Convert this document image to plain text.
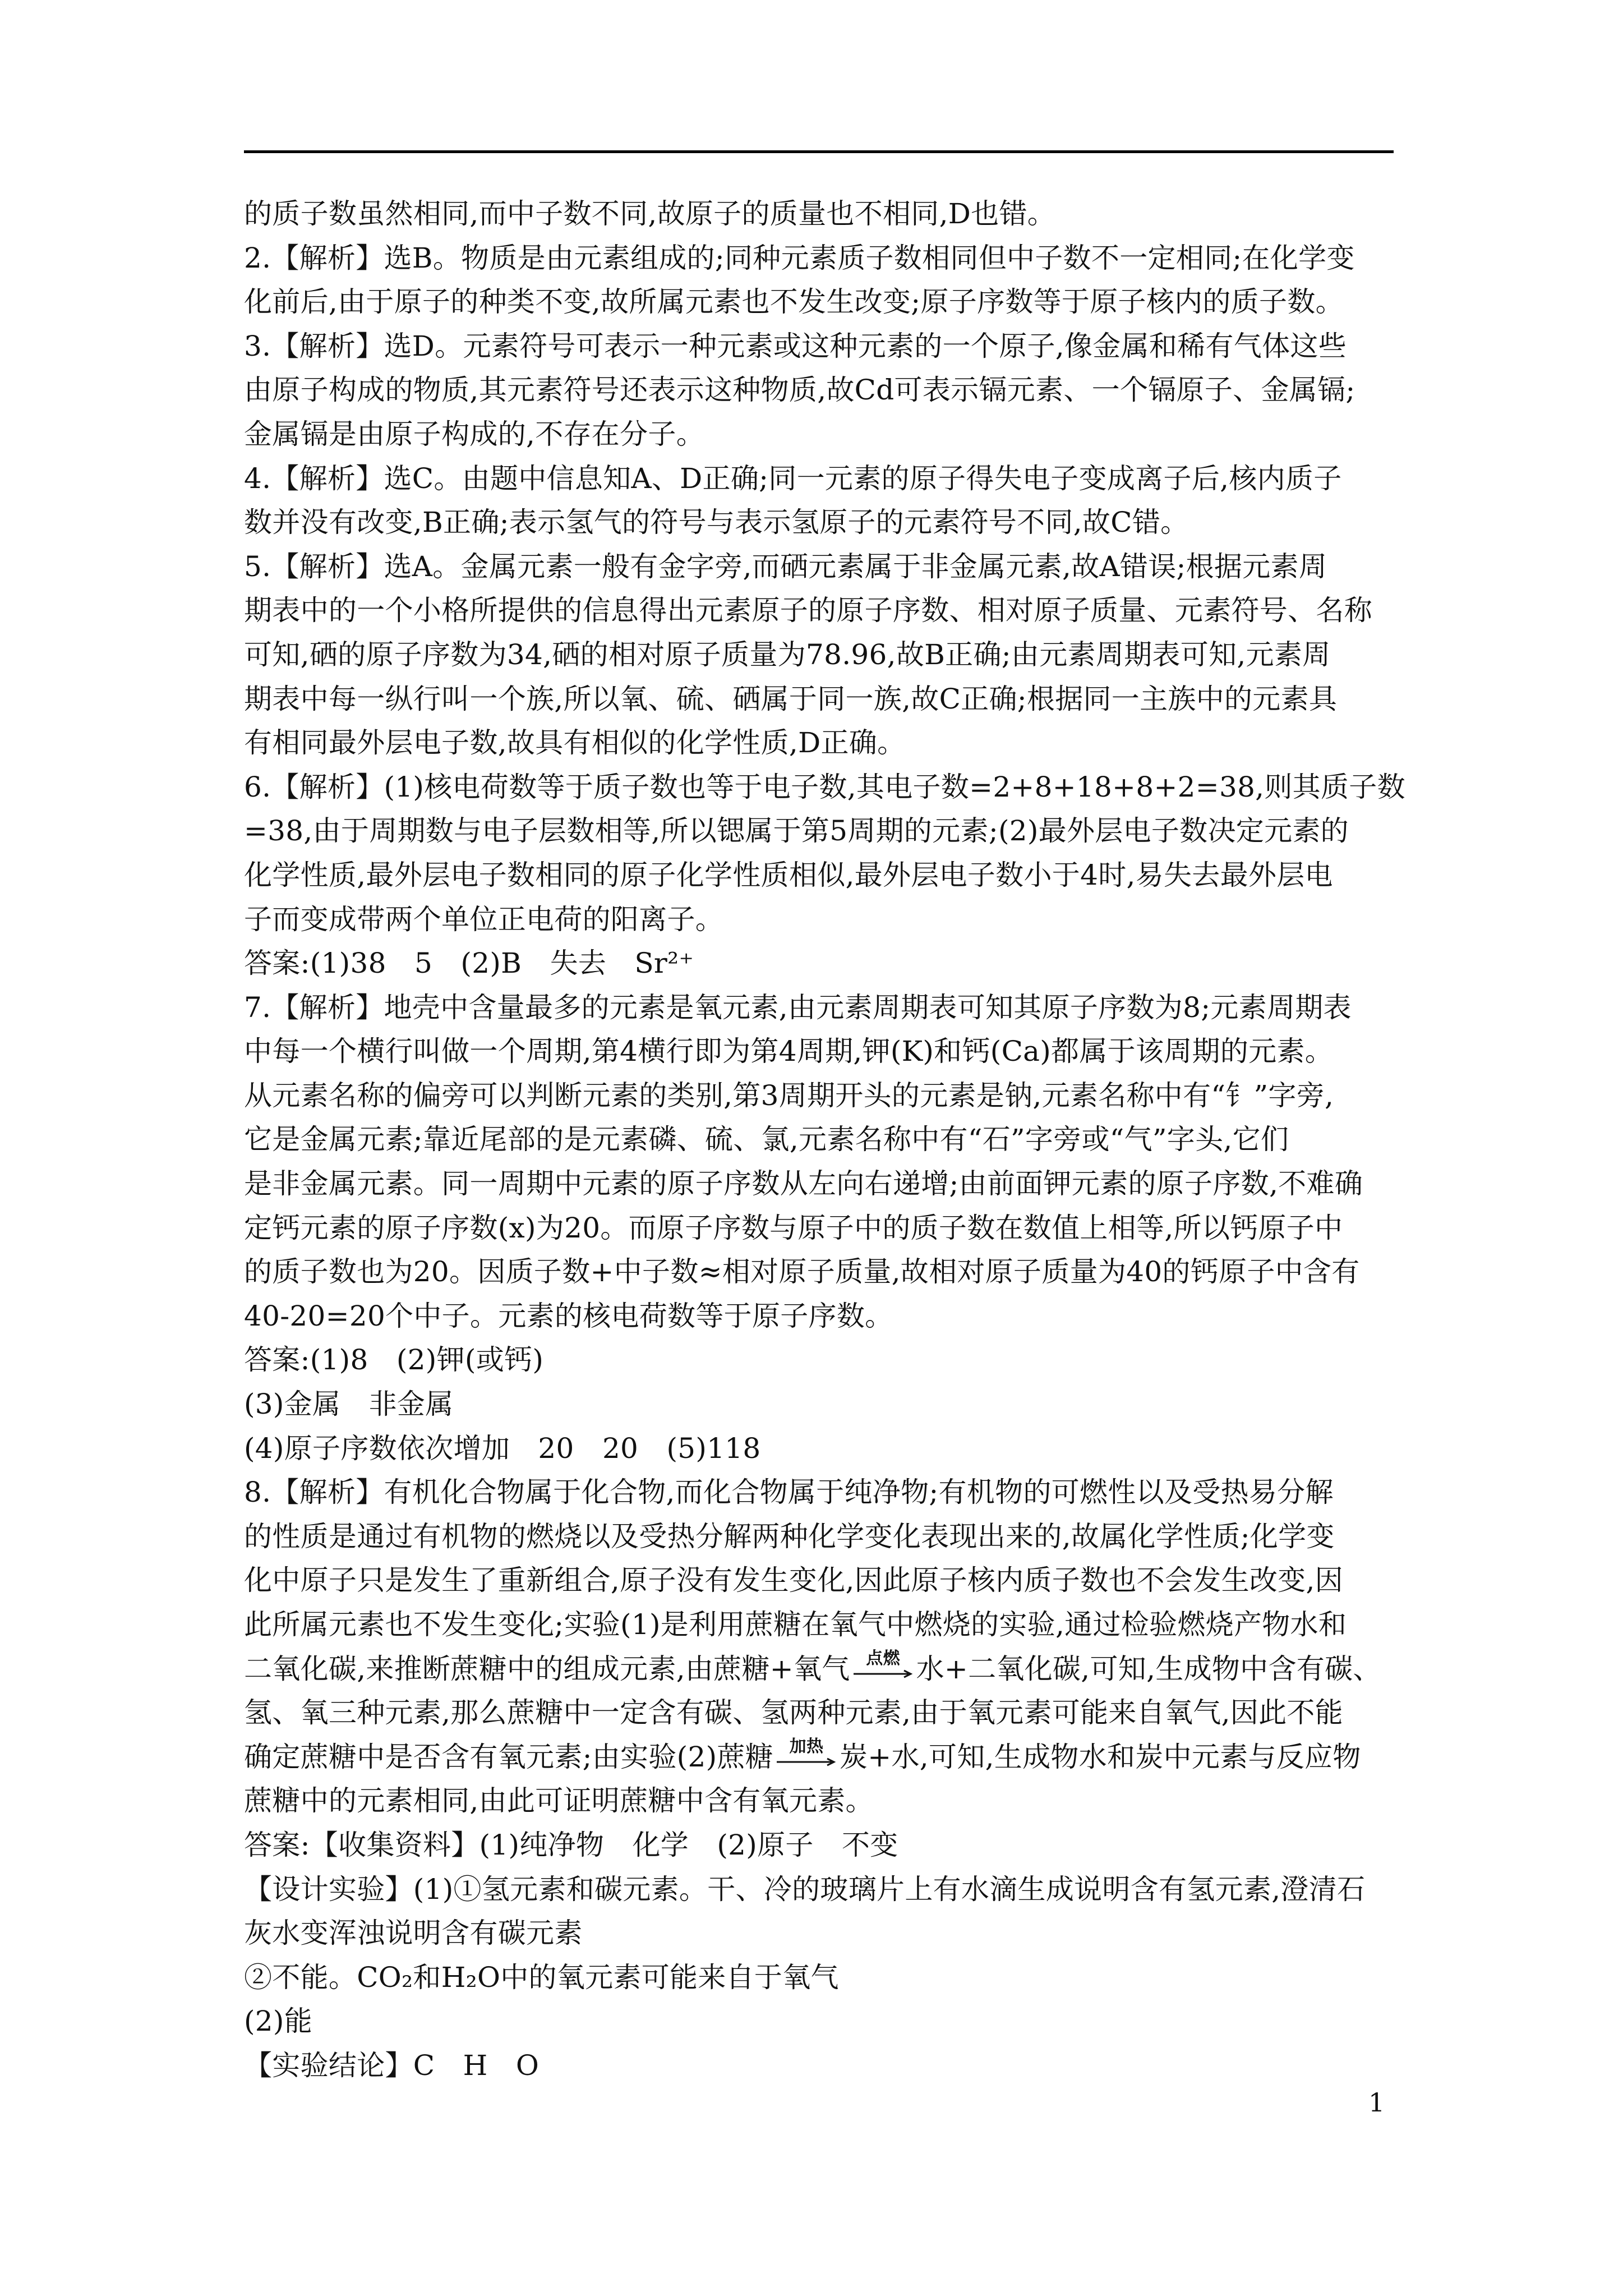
的质子数虽然相同,而中子数不同,故原子的质量也不相同,D也错。
2.【解析】选B。物质是由元素组成的;同种元素质子数相同但中子数不一定相同;在化学变
化前后,由于原子的种类不变,故所属元素也不发生改变;原子序数等于原子核内的质子数。
3.【解析】选D。元素符号可表示一种元素或这种元素的一个原子,像金属和稀有气体这些
由原子构成的物质,其元素符号还表示这种物质,故Cd可表示镉元素、一个镉原子、金属镉;
金属镉是由原子构成的,不存在分子。
4.【解析】选C。由题中信息知A、D正确;同一元素的原子得失电子变成离子后,核内质子
数并没有改变,B正确;表示氢气的符号与表示氢原子的元素符号不同,故C错。
5.【解析】选A。金属元素一般有金字旁,而硒元素属于非金属元素,故A错误;根据元素周
期表中的一个小格所提供的信息得出元素原子的原子序数、相对原子质量、元素符号、名称
可知,硒的原子序数为34,硒的相对原子质量为78.96,故B正确;由元素周期表可知,元素周
期表中每一纵行叫一个族,所以氧、硫、硒属于同一族,故C正确;根据同一主族中的元素具
有相同最外层电子数,故具有相似的化学性质,D正确。
6.【解析】(1)核电荷数等于质子数也等于电子数,其电子数=2+8+18+8+2=38,则其质子数
=38,由于周期数与电子层数相等,所以锶属于第5周期的元素;(2)最外层电子数决定元素的
化学性质,最外层电子数相同的原子化学性质相似,最外层电子数小于4时,易失去最外层电
子而变成带两个单位正电荷的阳离子。
答案:(1)38　5　(2)B　失去　Sr²⁺
7.【解析】地壳中含量最多的元素是氧元素,由元素周期表可知其原子序数为8;元素周期表
中每一个横行叫做一个周期,第4横行即为第4周期,钾(K)和钙(Ca)都属于该周期的元素。
从元素名称的偏旁可以判断元素的类别,第3周期开头的元素是钠,元素名称中有“钅”字旁,
它是金属元素;靠近尾部的是元素磷、硫、氯,元素名称中有“石”字旁或“气”字头,它们
是非金属元素。同一周期中元素的原子序数从左向右递增;由前面钾元素的原子序数,不难确
定钙元素的原子序数(x)为20。而原子序数与原子中的质子数在数值上相等,所以钙原子中
的质子数也为20。因质子数+中子数≈相对原子质量,故相对原子质量为40的钙原子中含有
40-20=20个中子。元素的核电荷数等于原子序数。
答案:(1)8　(2)钾(或钙)
(3)金属　非金属
(4)原子序数依次增加　20　20　(5)118
8.【解析】有机化合物属于化合物,而化合物属于纯净物;有机物的可燃性以及受热易分解
的性质是通过有机物的燃烧以及受热分解两种化学变化表现出来的,故属化学性质;化学变
化中原子只是发生了重新组合,原子没有发生变化,因此原子核内质子数也不会发生改变,因
此所属元素也不发生变化;实验(1)是利用蔗糖在氧气中燃烧的实验,通过检验燃烧产物水和
二氧化碳,来推断蔗糖中的组成元素,由蔗糖+氧气 点燃 水+二氧化碳,可知,生成物中含有碳、
氢、氧三种元素,那么蔗糖中一定含有碳、氢两种元素,由于氧元素可能来自氧气,因此不能
确定蔗糖中是否含有氧元素;由实验(2)蔗糖 加热 炭+水,可知,生成物水和炭中元素与反应物
蔗糖中的元素相同,由此可证明蔗糖中含有氧元素。
答案:【收集资料】(1)纯净物　化学　(2)原子　不变
【设计实验】(1)①氢元素和碳元素。干、冷的玻璃片上有水滴生成说明含有氢元素,澄清石
灰水变浑浊说明含有碳元素
②不能。CO₂和H₂O中的氧元素可能来自于氧气
(2)能
【实验结论】C　H　O
1
